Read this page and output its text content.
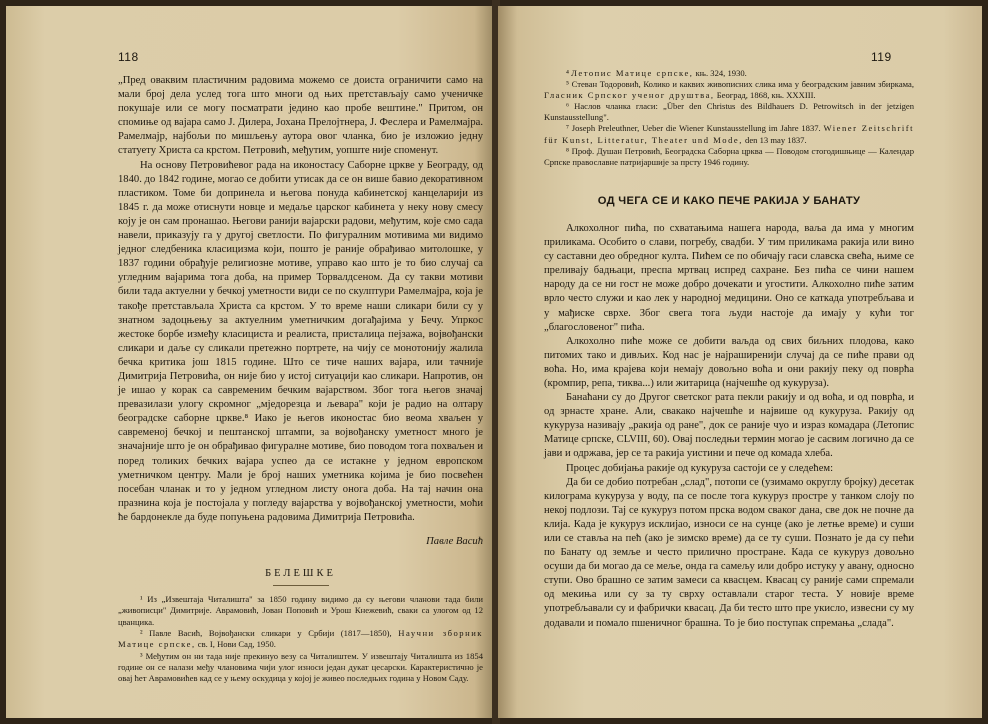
118

„Пред оваквим пластичним радовима можемо се доиста ограничити само на мали број дела услед тога што многи од њих претстављају само ученичке покушаје или се могу посматрати једино као пробе вештине." Притом, он спомиње од вајара само J. Дилера, Јохана Прелојтнера, J. Феслера и Рамелмајра. Рамелмајр, најбољи по мишљењу аутора овог чланка, био је изложио једну статуету Христа са крстом. Петровић, међутим, уопште није споменут.

На основу Петровићевог рада на иконостасу Саборне цркве у Београду, од 1840. до 1842 године, могао се добити утисак да се он више бавио декоративном пластиком. Томе би допринела и његова понуда кабинетској канцеларији из 1845 г. да може отиснути новце и медаље царског кабинета у неку нову смесу коју је он сам пронашао. Његови ранији вајарски радови, међутим, које смо сада навели, приказују га у другој светлости. По фигуралним мотивима ми видимо једног следбеника класицизма који, пошто је раније обрађивао митолошке, у 1837 години обрађује религиозне мотиве, управо као што је то био случај са угледним вајарима тога доба, на пример Торвалдсеном. Да су такви мотиви били тада актуелни у бечкој уметности види се по скулптури Рамелмајра, која је такође претстављала Христа са крстом. У то време наши сликари били су у знатном задоцњењу за актуелним уметничким догађајима у Бечу. Упркос жестоке борбе између класициста и реалиста, присталица пејзажа, војвођански сликари и даље су сликали претежно портрете, на чију се монотонију жалила бечка критика још 1815 године. Што се тиче наших вајара, или тачније Димитрија Петровића, он није био у истој ситуацији као сликари. Напротив, он је ишао у корак са савременим бечким вајарством. Због тога његов значај превазилази улогу скромног „мједорезца и љевара" који је радио на олтару београдске саборне цркве.⁸ Иако је његов иконостас био веома хваљен у савременој бечкој и пештанској штампи, за војвођанску уметност много је значајније што је он обрађивао фигуралне мотиве, био поводом тога похваљен и поред толиких бечких вајара успео да се истакне у једном европском уметничком центру. Мали је број наших уметника којима је био посвећен посебан чланак и то у једном угледном листу онога доба. На тај начин она празнина која је постојала у погледу вајарства у војвођанској уметности, моћи ће бардонекле да буде попуњена радовима Димитрија Петровића.

Павле Васић
БЕЛЕШКЕ

¹ Из „Извештаја Читалишта" за 1850 годину видимо да су његови чланови тада били „живописци" Димитрије. Аврамовић, Јован Поповић и Урош Кнежевић, сваки са улогом од 12 цванцика.

² Павле Васић, Војвођански сликари у Србији (1817—1850), Научни зборник Матице српске, св. I, Нови Сад, 1950.

³ Међутим он ни тада није прекинуо везу са Читалиштем. У извештају Читалишта из 1854 године он се налази међу члановима чији улог износи један дукат цесарски. Карактеристично је овај ћет Аврамовићев кад се у њему оскудица у којој је живео последњих година у Новом Саду.

119

⁴ Летопис Матице српске, књ. 324, 1930.

⁵ Стеван Тодоровић, Колико и каквих живописних слика има у београдским јавним збиркама, Гласник Српског ученог друштва, Београд, 1868, књ. XXXIII.

⁶ Наслов чланка гласи: „Über den Christus des Bildhauers D. Petrowitsch in der jetzigen Kunstausstellung".

⁷ Joseph Preleuthner, Ueber die Wiener Kunstausstellung im Jahre 1837. Wiener Zeitschrift für Kunst, Litteratur, Theater und Mode, den 13 may 1837.

⁸ Проф. Душан Петровић, Београдска Саборна црква — Поводом стогодишњице — Календар Српске православне патријаршије за прсту 1946 годину.

ОД ЧЕГА СЕ И КАКО ПЕЧЕ РАКИЈА У БАНАТУ

Алкохолног пића, по схватањима нашега народа, ваља да има у многим приликама. Особито о слави, погребу, свадби. У тим приликама ракија или вино су саставни део обредног култа. Пићем се по обичају гаси славска свећа, њиме се преливају бадњаци, преспа мртвац испред сахране. Без пића се чини нашем народу да се ни гост не може добро дочекати и угостити. Алкохолно пиће затим врло често служи и као лек у народној медицини. Оно се каткада употребљава и у мађиске сврхе. Због свега тога људи настоје да имају у кући тог „благословеног" пића.

Алкохолно пиће може се добити ваљда од свих биљних плодова, како питомих тако и дивљих. Код нас је најраширенији случај да се пиће прави од воћа. Но, има крајева који немају довољно воћа и они ракију пеку од поврћа (кромпир, репа, тиква...) или житарица (најчешће од кукуруза).

Банаћани су до Другог светског рата пекли ракију и од воћа, и од поврћа, и од зрнасте хране. Али, свакако најчешће и највише од кукуруза. Ракију од кукуруза називају „ракија од ране", док се раније чуо и израз комадара (Летопис Матице српске, CLVIII, 60). Овај последњи термин могао је сасвим логично да се јави и одржава, јер се та ракија уистини и пече од комада хлеба.

Процес добијања ракије од кукуруза састоји се у следећем:

Да би се добио потребан „слад", потопи се (узимамо округлу бројку) десетак килограма кукуруза у воду, па се после тога кукуруз простре у танком слоју по некој подлози. Тај се кукуруз потом прска водом сваког дана, све док не почне да клија. Када је кукуруз исклијао, износи се на сунце (ако је летње време) и суши или се ставља на пећ (ако је зимско време) да се ту суши. Познато је да су пећи по Банату од земље и често прилично простране. Када се кукуруз довољно осуши да би могао да се меље, онда га самељу или добро истуку у авану, односно ступи. Ово брашно се затим замеси са квасцем. Квасац су раније сами спремали од мекиња или су за ту сврху оставлали старог теста. У новије време употребљавали су и фабрички квасац. Да би тесто што пре укисло, извесни су му додавали и помало пшеничног брашна. То је био поступак спремања „слада".
